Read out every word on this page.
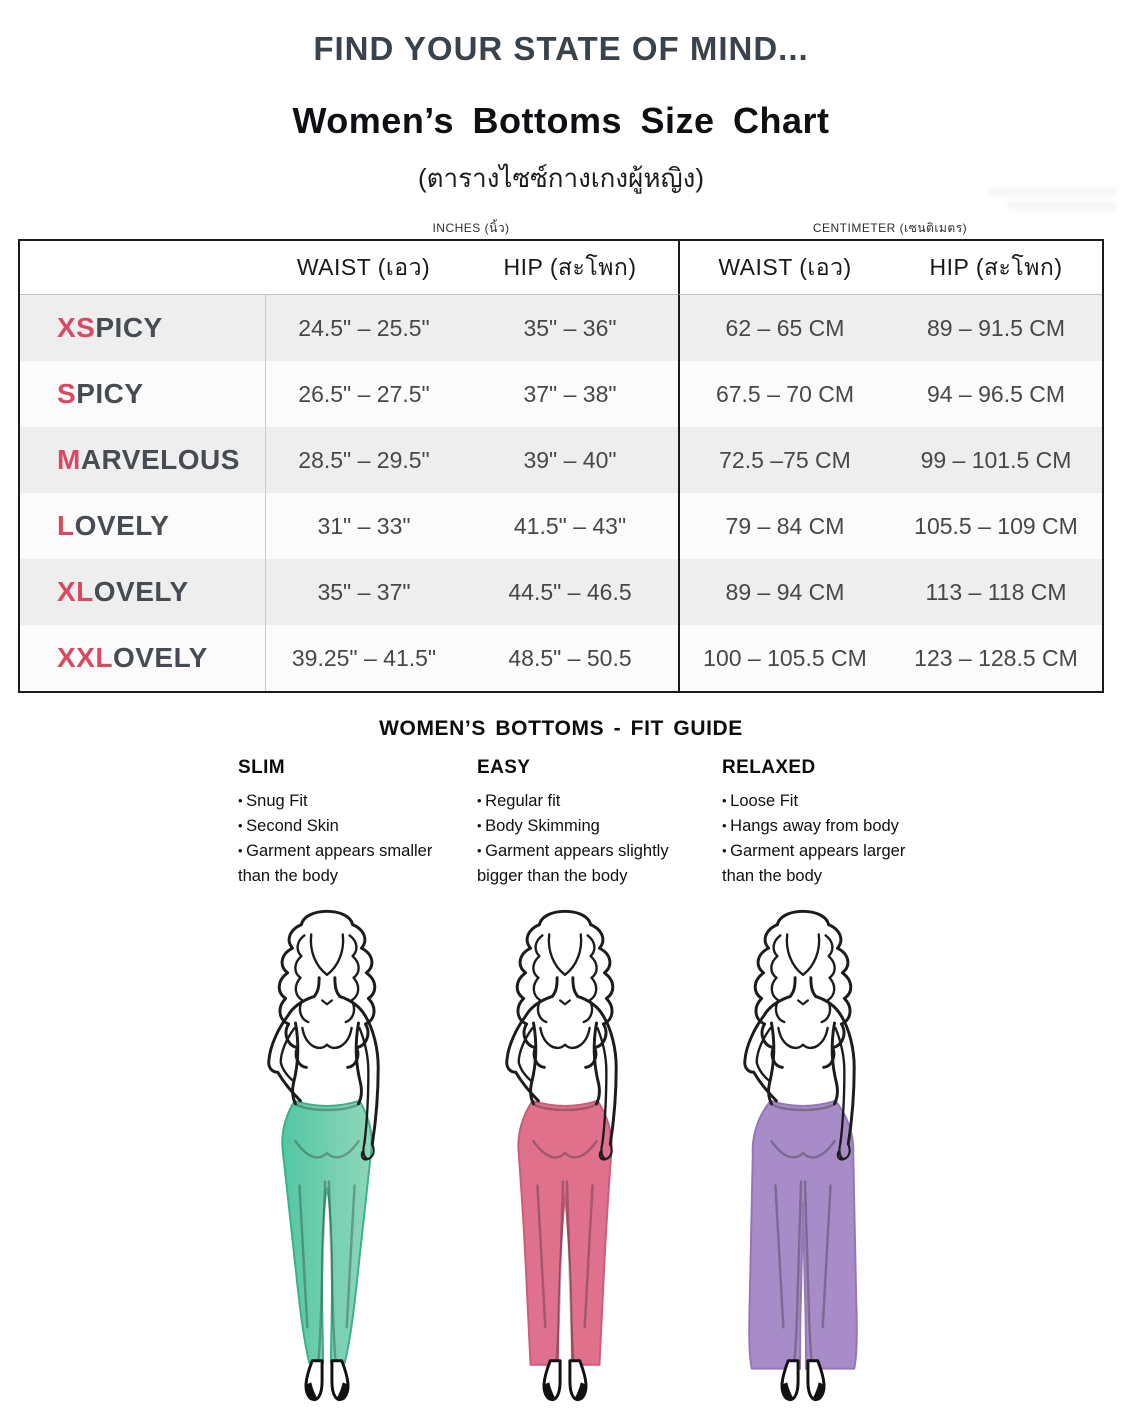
FIND YOUR STATE OF MIND...
Women’s Bottoms Size Chart
(ตารางไซซ์กางเกงผู้หญิง)
INCHES (นิ้ว)	CENTIMETER (เซนติเมตร)
WAIST (เอว)	HIP (สะโพก)	WAIST (เอว)	HIP (สะโพก)
XS PICY	24.5" – 25.5"	35" – 36"	62 – 65 CM	89 – 91.5 CM
S PICY	26.5" – 27.5"	37" – 38"	67.5 – 70 CM	94 – 96.5 CM
M ARVELOUS	28.5" – 29.5"	39" – 40"	72.5 –75 CM	99 – 101.5 CM
L OVELY	31" – 33"	41.5" – 43"	79 – 84 CM	105.5 – 109 CM
XL OVELY	35" – 37"	44.5" – 46.5	89 – 94 CM	113 – 118 CM
XXL OVELY	39.25" – 41.5"	48.5" – 50.5	100 – 105.5 CM	123 – 128.5 CM
WOMEN’S BOTTOMS - FIT GUIDE
SLIM
• Snug Fit
• Second Skin
• Garment appears smaller than the body
EASY
• Regular fit
• Body Skimming
• Garment appears slightly bigger than the body
RELAXED
• Loose Fit
• Hangs away from body
• Garment appears larger than the body
